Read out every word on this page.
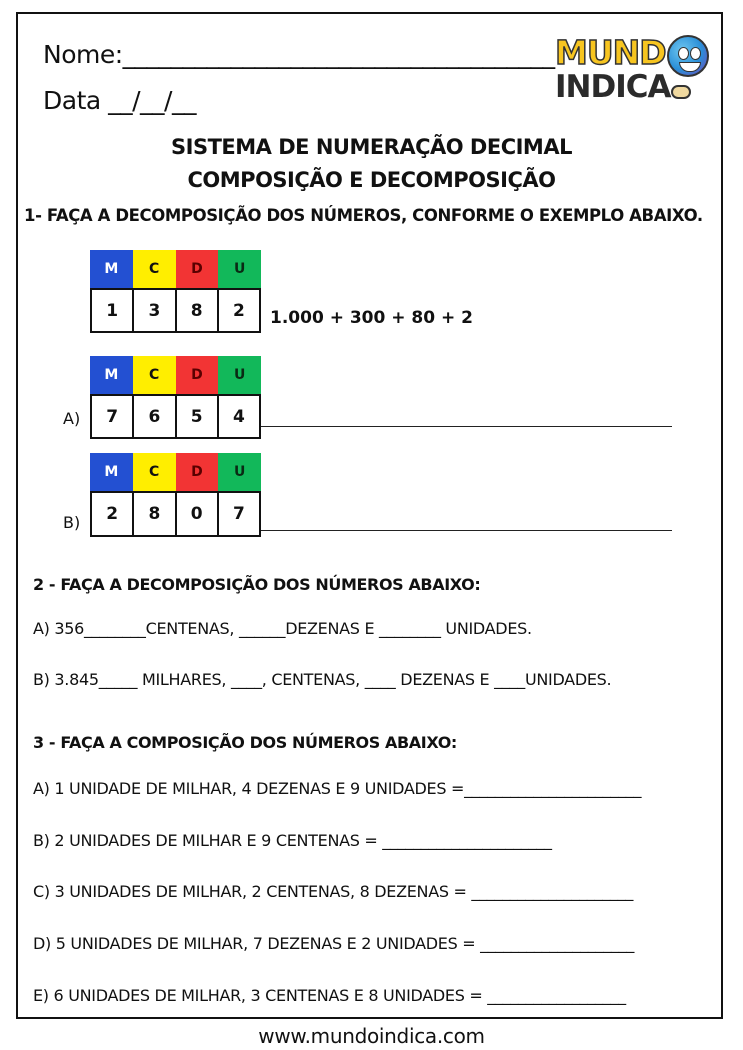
Nome:____________________________________
Data __/__/__
MUND
INDICA
SISTEMA DE NUMERAÇÃO DECIMAL
COMPOSIÇÃO E DECOMPOSIÇÃO
1- FAÇA A DECOMPOSIÇÃO DOS NÚMEROS, CONFORME O EXEMPLO ABAIXO.
M	C	D	U
1	3	8	2	1.000 + 300 + 80 + 2
M	C	D	U
7	6	5	4
A)
M	C	D	U
2	8	0	7
B)
2 - FAÇA A DECOMPOSIÇÃO DOS NÚMEROS ABAIXO:
A) 356________CENTENAS, ______DEZENAS E ________ UNIDADES.
B) 3.845_____ MILHARES, ____, CENTENAS, ____ DEZENAS E ____UNIDADES.
3 - FAÇA A COMPOSIÇÃO DOS NÚMEROS ABAIXO:
A) 1 UNIDADE DE MILHAR, 4 DEZENAS E 9 UNIDADES =_______________________
B) 2 UNIDADES DE MILHAR E 9 CENTENAS = ______________________
C) 3 UNIDADES DE MILHAR, 2 CENTENAS, 8 DEZENAS = _____________________
D) 5 UNIDADES DE MILHAR, 7 DEZENAS E 2 UNIDADES = ____________________
E) 6 UNIDADES DE MILHAR, 3 CENTENAS E 8 UNIDADES = __________________
www.mundoindica.com
